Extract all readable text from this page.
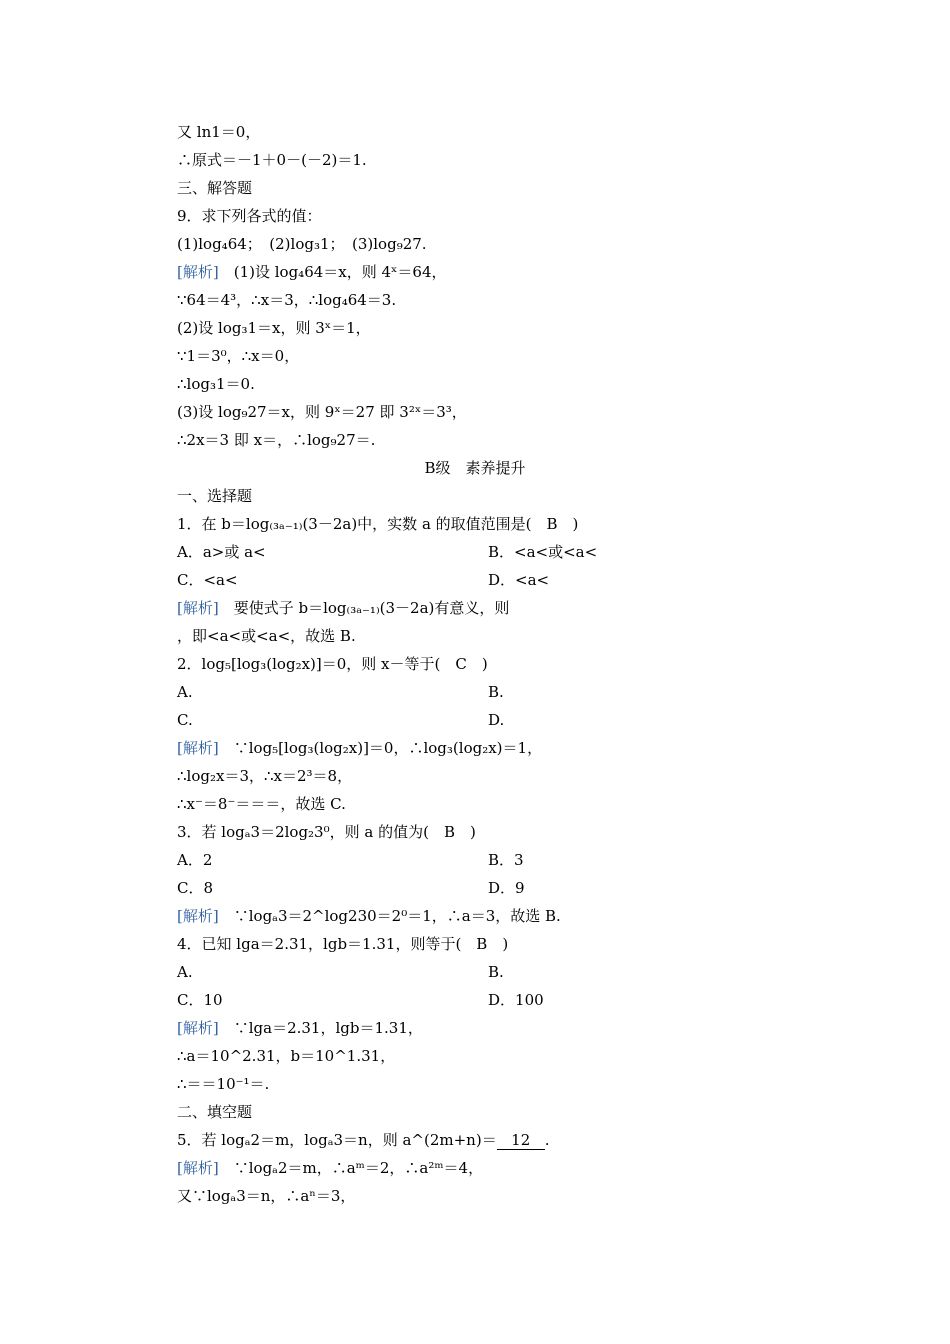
又 ln1＝0，
∴原式＝－1＋0－(－2)＝1.
三、解答题
9．求下列各式的值：
(1)log₄64；　(2)log₃1；　(3)log₉27.
[解析]　 (1)设 log₄64＝x，则 4ˣ＝64，
∵64＝4³，∴x＝3，∴log₄64＝3.
(2)设 log₃1＝x，则 3ˣ＝1，
∵1＝3⁰，∴x＝0，
∴log₃1＝0.
(3)设 log₉27＝x，则 9ˣ＝27 即 3²ˣ＝3³，
∴2x＝3 即 x＝，∴log₉27＝.
B级　素养提升
一、选择题
1．在 b＝log₍₃ₐ₋₁₎(3－2a)中，实数 a 的取值范围是(　B　)
A．a>或 a<	B．<a<或<a<
C．<a<	D．<a<
[解析]　 要使式子 b＝log₍₃ₐ₋₁₎(3－2a)有意义，则
，即<a<或<a<，故选 B.
2．log₅[log₃(log₂x)]＝0，则 x－等于(　C　)
A.	B.
C.	D.
[解析]　 ∵log₅[log₃(log₂x)]＝0，∴log₃(log₂x)＝1，
∴log₂x＝3，∴x＝2³＝8，
∴x⁻＝8⁻＝＝＝，故选 C.
3．若 logₐ3＝2log₂3⁰，则 a 的值为(　B　)
A．2	B．3
C．8	D．9
[解析]　 ∵logₐ3＝2^log230＝2⁰＝1，∴a＝3，故选 B.
4．已知 lga＝2.31，lgb＝1.31，则等于(　B　)
A.	B.
C．10	D．100
[解析]　 ∵lga＝2.31，lgb＝1.31，
∴a＝10^2.31，b＝10^1.31，
∴＝＝10⁻¹＝.
二、填空题
5．若 logₐ2＝m，logₐ3＝n，则 a^(2m+n)＝ 12 .
[解析]　 ∵logₐ2＝m，∴aᵐ＝2，∴a²ᵐ＝4，
又∵logₐ3＝n，∴aⁿ＝3，
